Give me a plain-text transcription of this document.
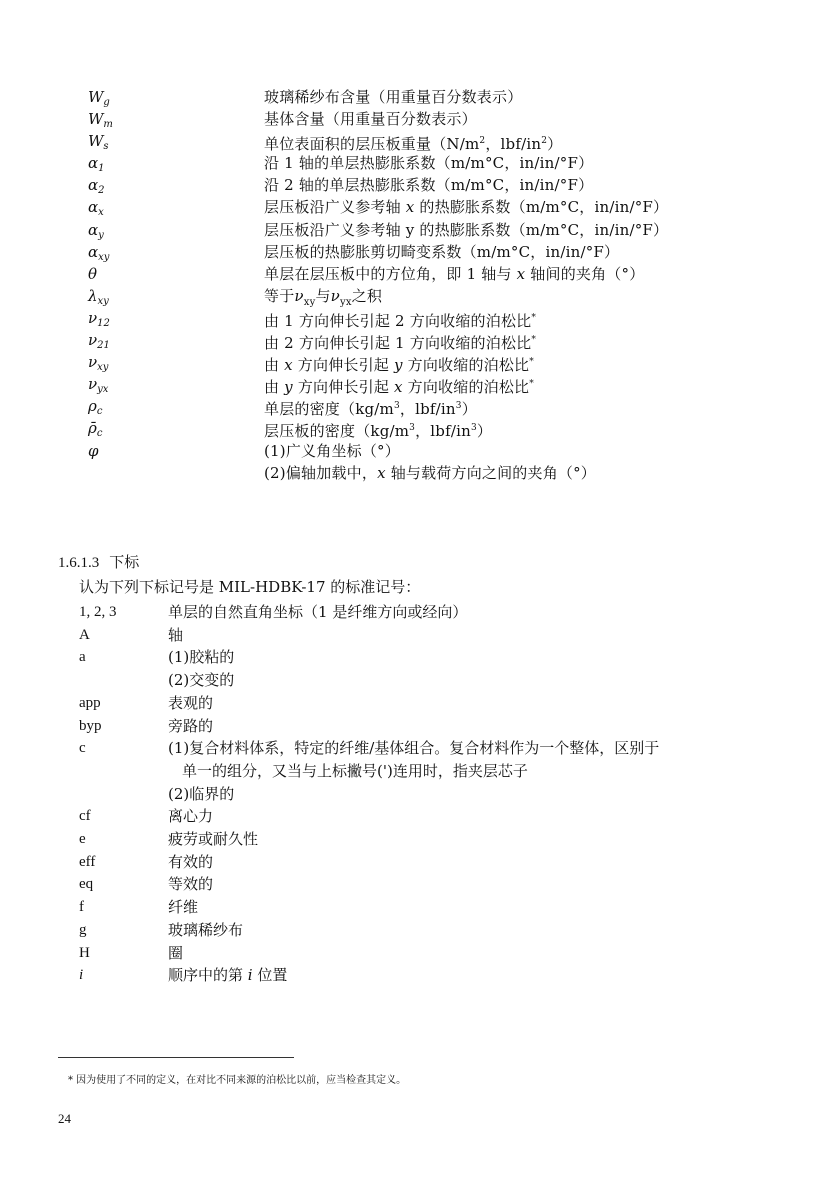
$W_g$	玻璃稀纱布含量（用重量百分数表示）
$W_m$	基体含量（用重量百分数表示）
$W_s$	单位表面积的层压板重量（$N/m^2$，lbf/$in^2$）
$\alpha_1$	沿 1 轴的单层热膨胀系数（m/m°C，in/in/°F）
$\alpha_2$	沿 2 轴的单层热膨胀系数（m/m°C，in/in/°F）
$\alpha_x$	层压板沿广义参考轴 x 的热膨胀系数（m/m°C，in/in/°F）
$\alpha_y$	层压板沿广义参考轴 y 的热膨胀系数（m/m°C，in/in/°F）
$\alpha_{xy}$	层压板的热膨胀剪切畸变系数（m/m°C，in/in/°F）
θ	单层在层压板中的方位角，即 1 轴与 x 轴间的夹角（°）
$\lambda_{xy}$	等于$\nu_{xy}$与$\nu_{yx}$之积
$\nu_{12}$	由 1 方向伸长引起 2 方向收缩的泊松比*
$\nu_{21}$	由 2 方向伸长引起 1 方向收缩的泊松比*
$\nu_{xy}$	由 x 方向伸长引起 y 方向收缩的泊松比*
$\nu_{yx}$	由 y 方向伸长引起 x 方向收缩的泊松比*
$\rho_c$	单层的密度（$kg/m^3$，lbf/$in^3$）
$\rhō_c$	层压板的密度（$kg/m^3$，lbf/$in^3$）
φ	(1)广义角坐标（°）
(2)偏轴加载中，x 轴与载荷方向之间的夹角（°）
1.6.1.3 下标
认为下列下标记号是 MIL-HDBK-17 的标准记号：
1, 2, 3	单层的自然直角坐标（1 是纤维方向或经向）
A	轴
a	(1)胶粘的
(2)交变的
app	表观的
byp	旁路的
c	(1)复合材料体系，特定的纤维/基体组合。复合材料作为一个整体，区别于
单一的组分，又当与上标撇号(')连用时，指夹层芯子
(2)临界的
cf	离心力
e	疲劳或耐久性
eff	有效的
eq	等效的
f	纤维
g	玻璃稀纱布
H	圈
i	顺序中的第 i 位置
* 因为使用了不同的定义，在对比不同来源的泊松比以前，应当检查其定义。
24
